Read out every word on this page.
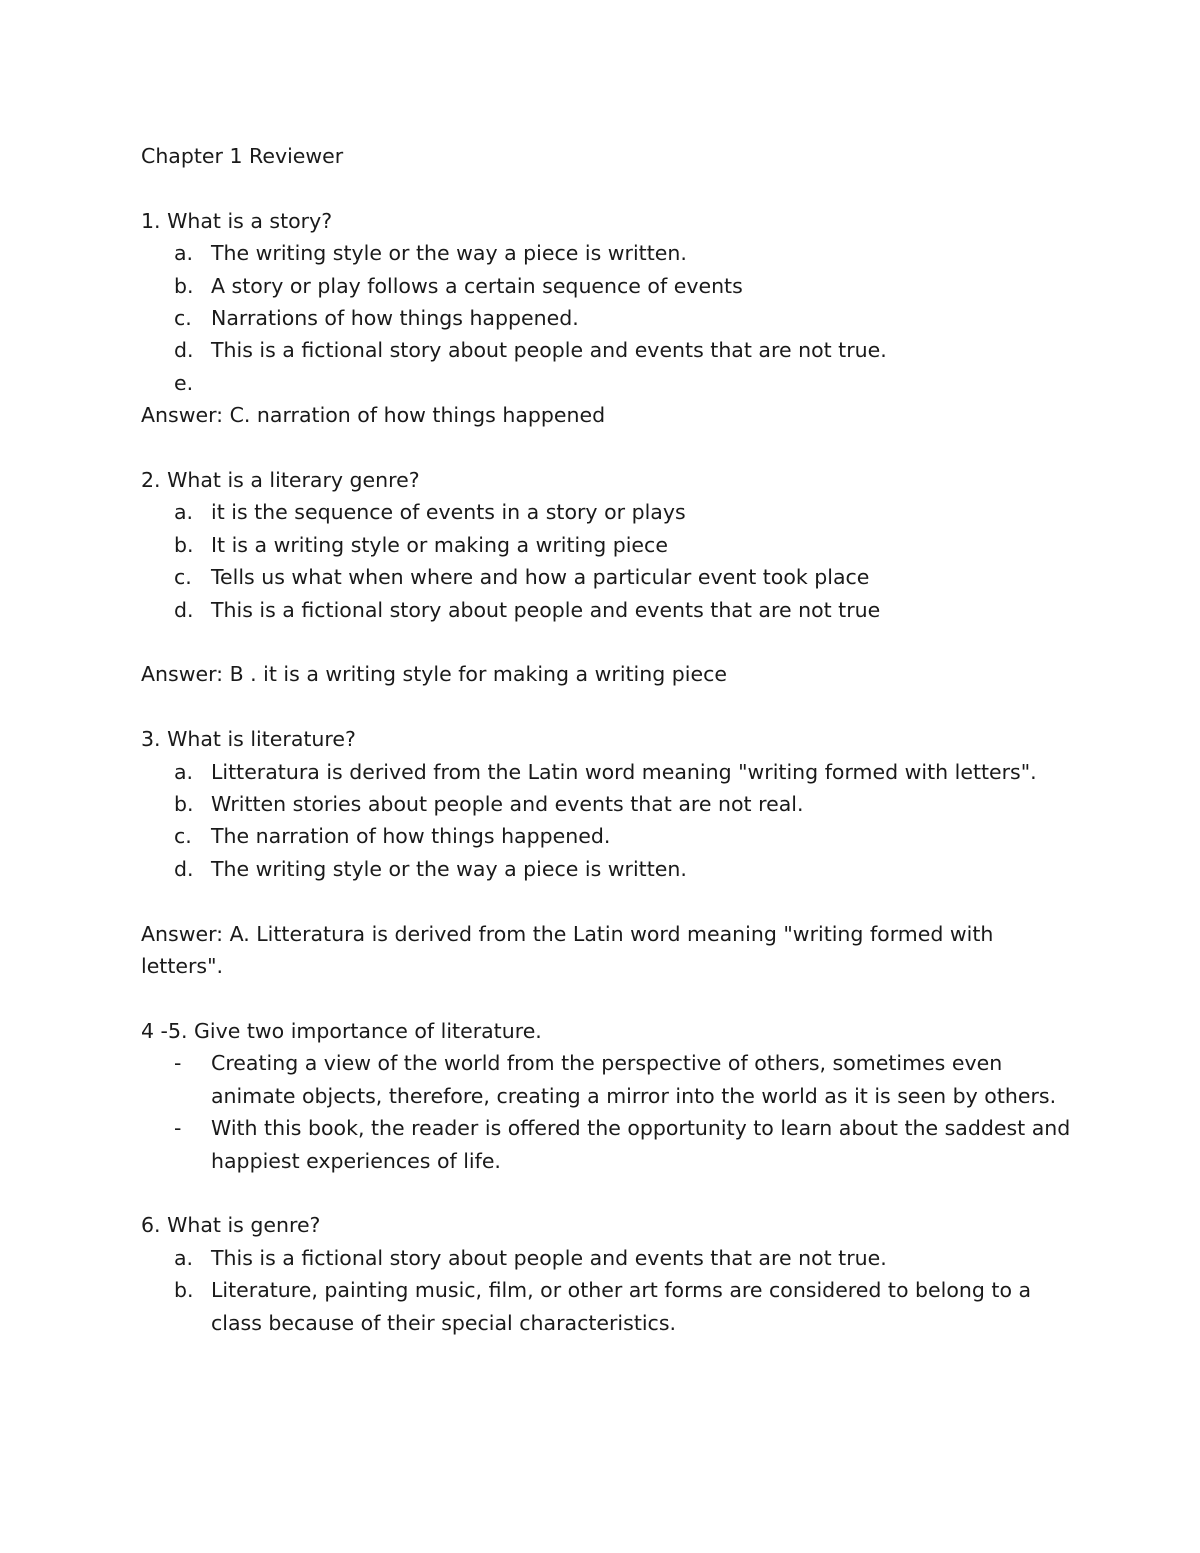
Chapter 1 Reviewer
1. What is a story?
a. The writing style or the way a piece is written.
b. A story or play follows a certain sequence of events
c. Narrations of how things happened.
d. This is a fictional story about people and events that are not true.
e.

Answer: C. narration of how things happened
2. What is a literary genre?
a. it is the sequence of events in a story or plays
b. It is a writing style or making a writing piece
c. Tells us what when where and how a particular event took place
d. This is a fictional story about people and events that are not true
Answer: B . it is a writing style for making a writing piece
3. What is literature?
a. Litteratura is derived from the Latin word meaning "writing formed with letters".
b. Written stories about people and events that are not real.
c. The narration of how things happened.
d. The writing style or the way a piece is written.
Answer: A. Litteratura is derived from the Latin word meaning "writing formed with letters".
4 -5. Give two importance of literature.
- Creating a view of the world from the perspective of others, sometimes even animate objects, therefore, creating a mirror into the world as it is seen by others.
- With this book, the reader is offered the opportunity to learn about the saddest and happiest experiences of life.
6. What is genre?
a. This is a fictional story about people and events that are not true.
b. Literature, painting music, film, or other art forms are considered to belong to a class because of their special characteristics.
